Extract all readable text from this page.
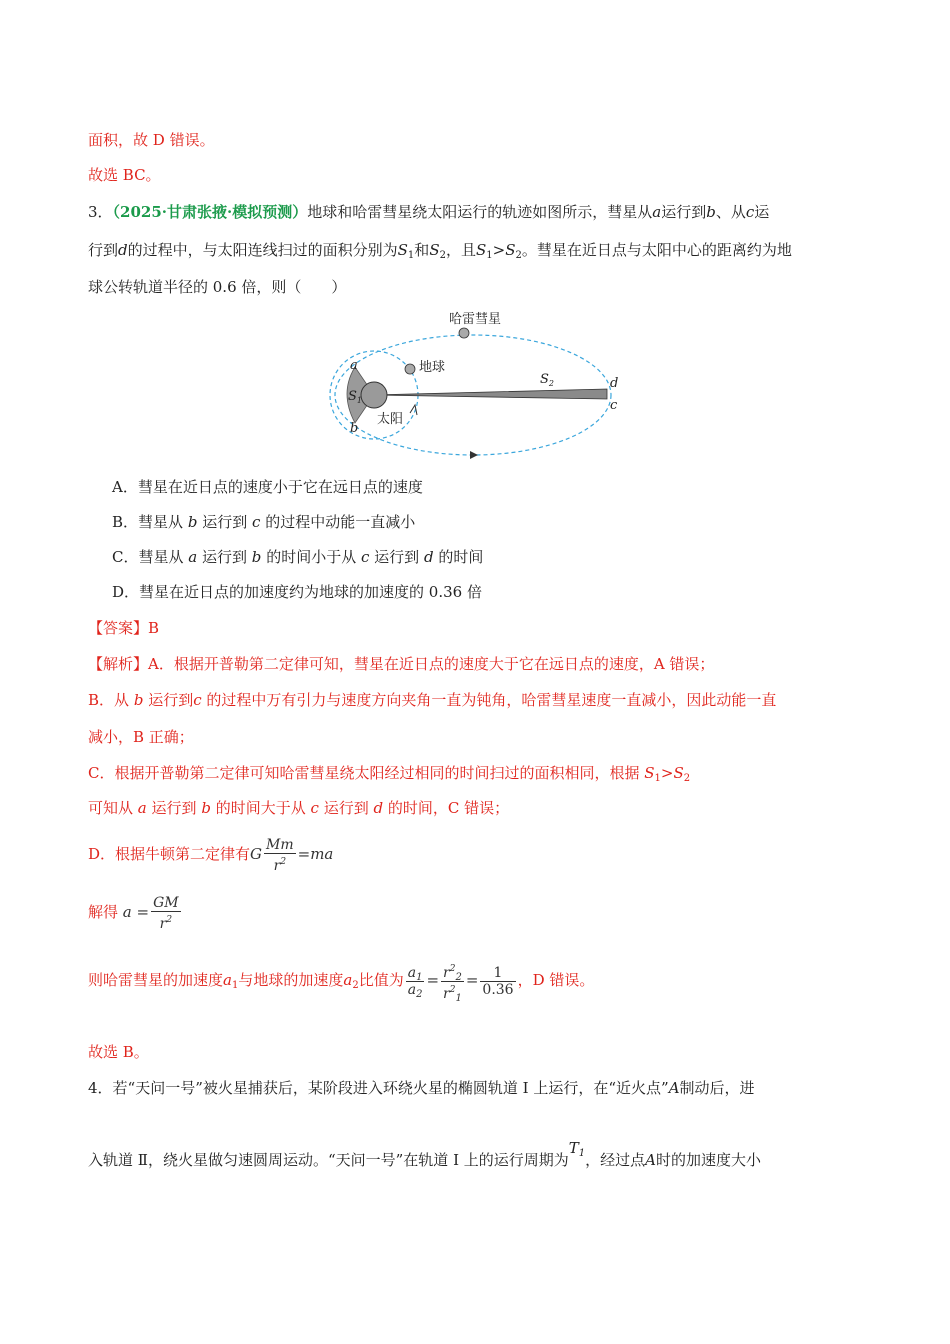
面积，故 D 错误。
故选 BC。
3．（2025·甘肃张掖·模拟预测）地球和哈雷彗星绕太阳运行的轨迹如图所示，彗星从a运行到b、从c运
行到d的过程中，与太阳连线扫过的面积分别为$S_1$和$S_2$，且$S_1>S_2$。彗星在近日点与太阳中心的距离约为地
球公转轨道半径的 0.6 倍，则（　　）
哈雷彗星
地球
太阳
$S_2$
$S_1$
a
b
d
c
A．彗星在近日点的速度小于它在远日点的速度
B．彗星从 b 运行到 c 的过程中动能一直减小
C．彗星从 a 运行到 b 的时间小于从 c 运行到 d 的时间
D．彗星在近日点的加速度约为地球的加速度的 0.36 倍
【答案】B
【解析】A．根据开普勒第二定律可知，彗星在近日点的速度大于它在远日点的速度，A 错误；
B．从 b 运行到c 的过程中万有引力与速度方向夹角一直为钝角，哈雷彗星速度一直减小，因此动能一直
减小，B 正确；
C．根据开普勒第二定律可知哈雷彗星绕太阳经过相同的时间扫过的面积相同，根据 $S_1>S_2$
可知从 a 运行到 b 的时间大于从 c 运行到 d 的时间，C 错误；
D．根据牛顿第二定律有G $\frac{Mm}{r^2} =ma$
解得 $a = \frac{GM}{r^2}$
则哈雷彗星的加速度$a_1$与地球的加速度$a_2$比值为 $\frac{a_1}{a_2} = \frac{r^2_2}{r^2_1} = \frac{1}{0.36}$ ，D 错误。
故选 B。
4．若“天问一号”被火星捕获后，某阶段进入环绕火星的椭圆轨道 Ⅰ 上运行，在“近火点”A制动后，进
入轨道 Ⅱ，绕火星做匀速圆周运动。“天问一号”在轨道 Ⅰ 上的运行周期为$T_1$，经过点A时的加速度大小
